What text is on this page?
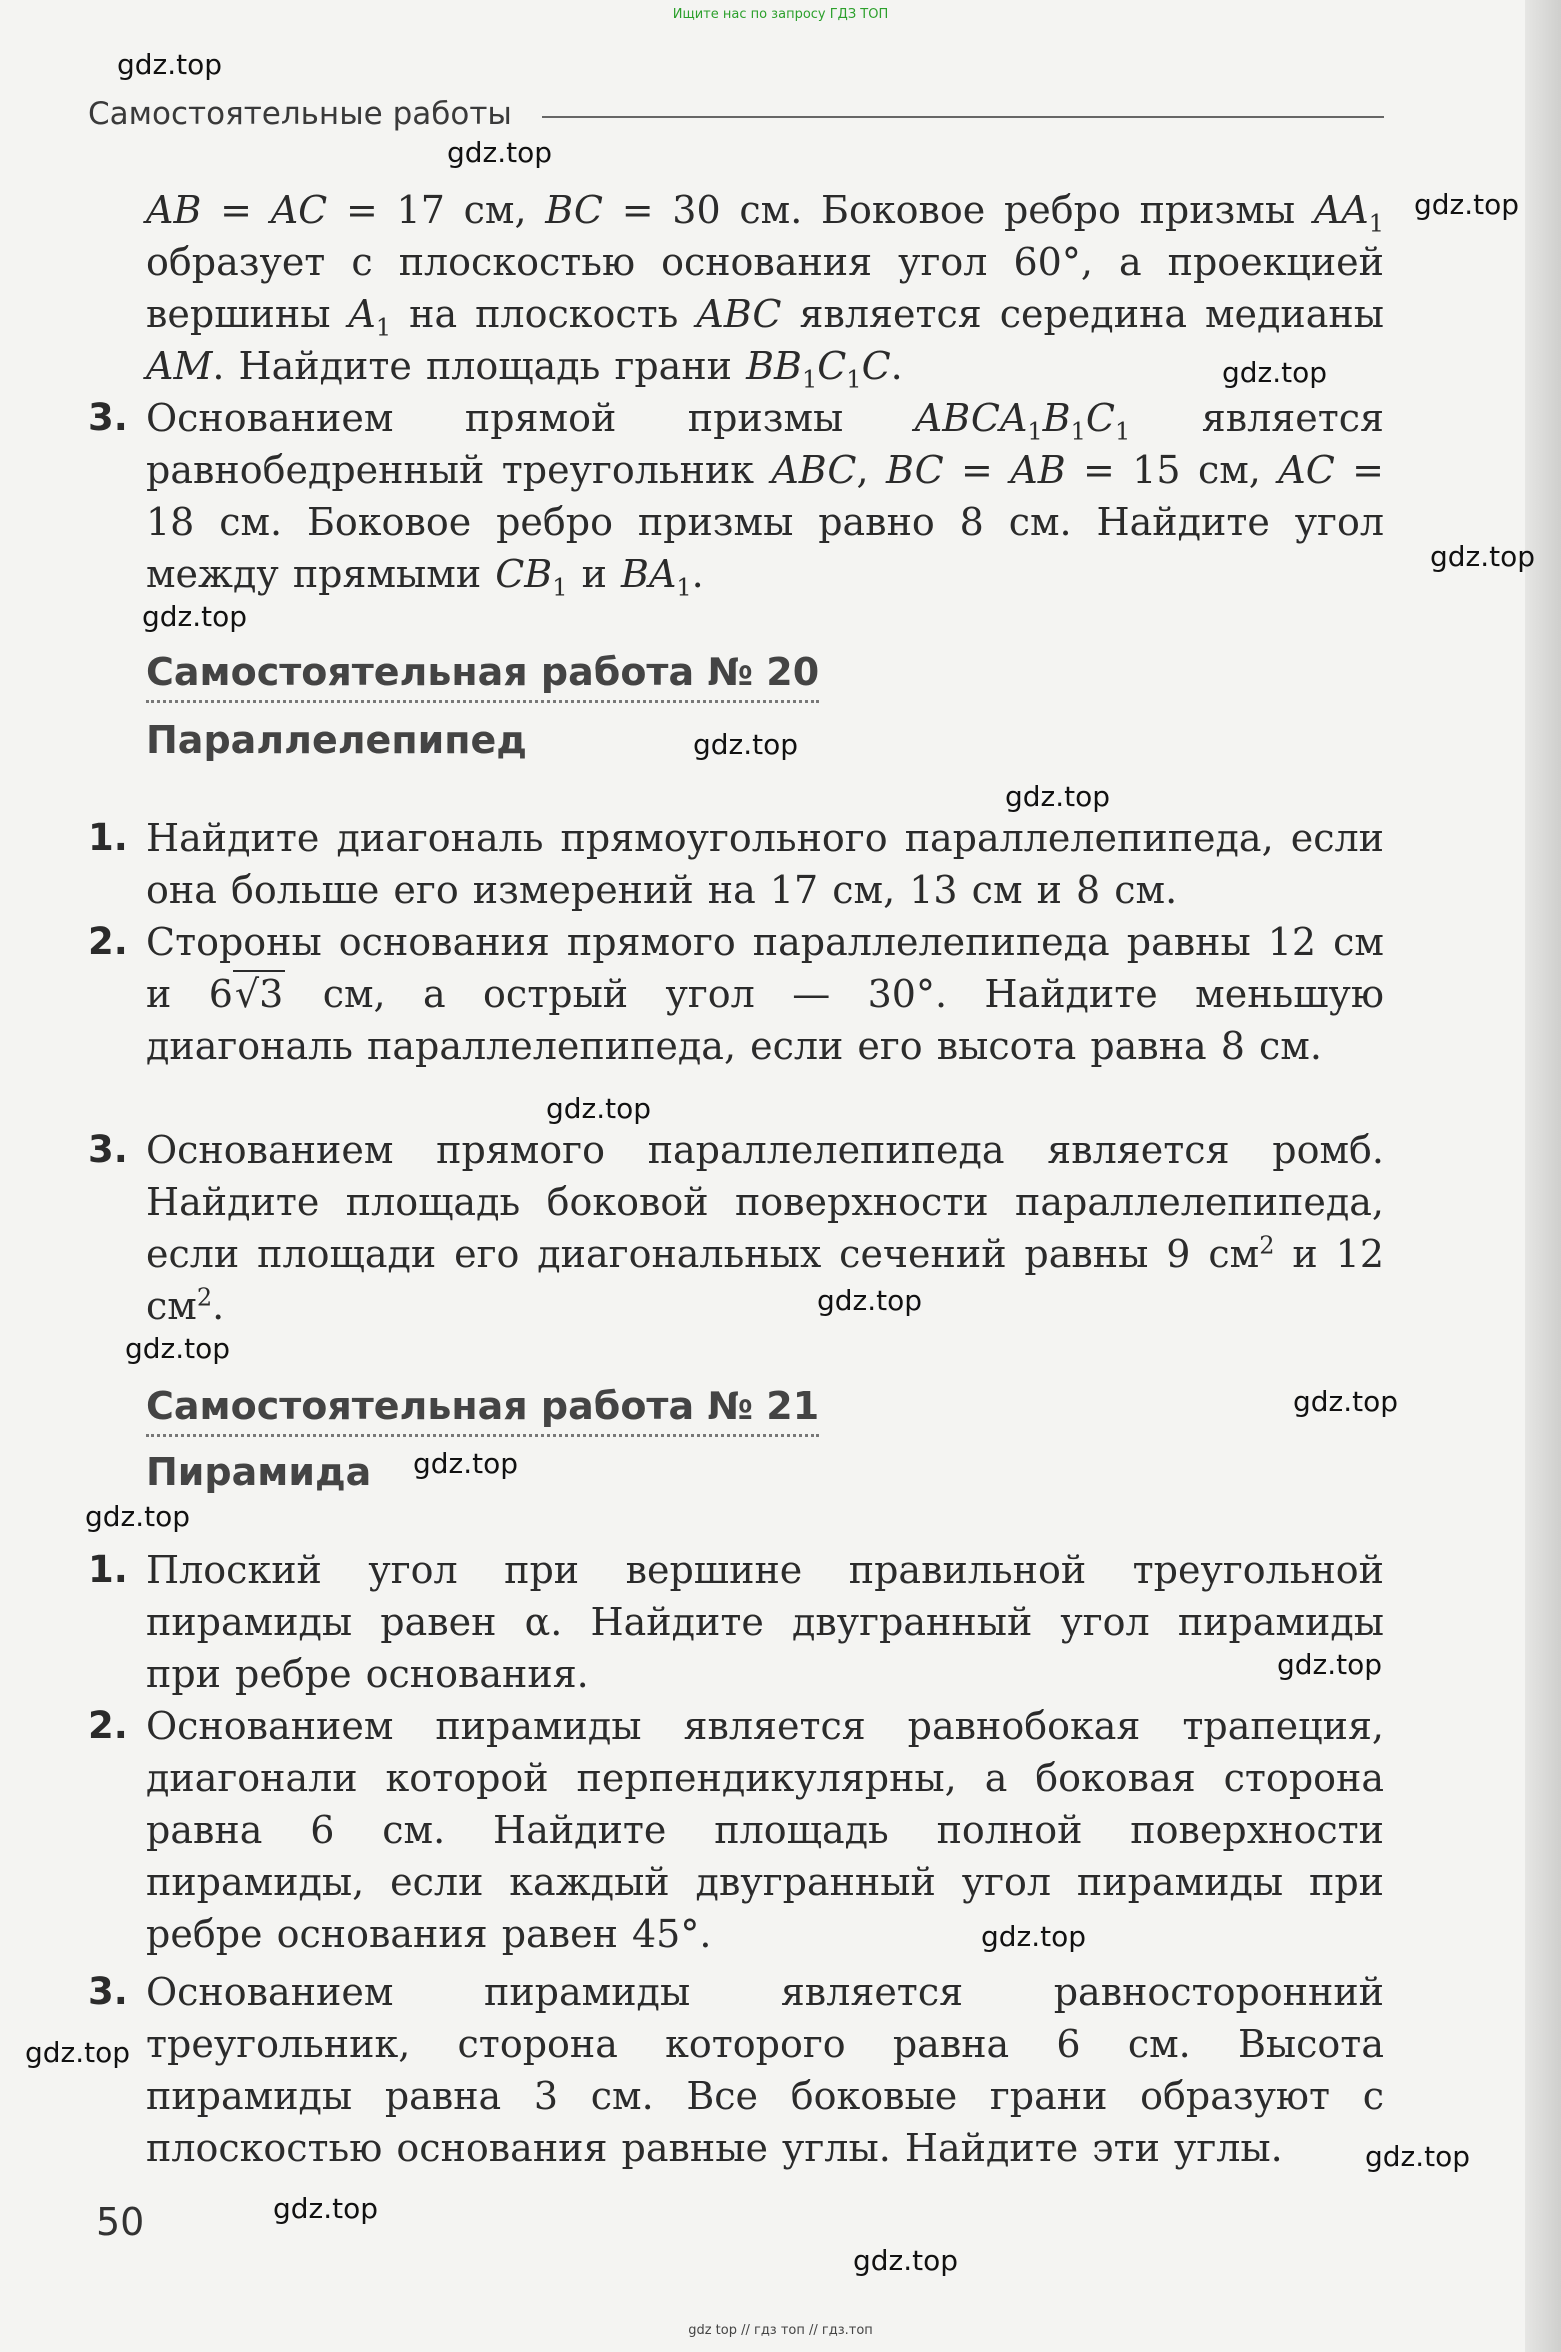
Ищите нас по запросу ГДЗ ТОП
Самостоятельные работы
AB = AC = 17 см, BC = 30 см. Боковое ребро призмы $AA_1$ образует с плоскостью основания угол 60°, а проекцией вершины $A_1$ на плоскость ABC является середина медианы AM. Найдите площадь грани $BB_1C_1C$.
3. Основанием прямой призмы $ABCA_1B_1C_1$ является равнобедренный треугольник ABC, BC = AB = 15 см, AC = 18 см. Боковое ребро призмы равно 8 см. Найдите угол между прямыми $CB_1$ и $BA_1$.
Самостоятельная работа № 20
Параллелепипед
1. Найдите диагональ прямоугольного параллелепипеда, если она больше его измерений на 17 см, 13 см и 8 см.
2. Стороны основания прямого параллелепипеда равны 12 см и 6√3 см, а острый угол — 30°. Найдите меньшую диагональ параллелепипеда, если его высота равна 8 см.
3. Основанием прямого параллелепипеда является ромб. Найдите площадь боковой поверхности параллелепипеда, если площади его диагональных сечений равны 9 $см^2$ и 12 $см^2$.
Самостоятельная работа № 21
Пирамида
1. Плоский угол при вершине правильной треугольной пирамиды равен α. Найдите двугранный угол пирамиды при ребре основания.
2. Основанием пирамиды является равнобокая трапеция, диагонали которой перпендикулярны, а боковая сторона равна 6 см. Найдите площадь полной поверхности пирамиды, если каждый двугранный угол пирамиды при ребре основания равен 45°.
3. Основанием пирамиды является равносторонний треугольник, сторона которого равна 6 см. Высота пирамиды равна 3 см. Все боковые грани образуют с плоскостью основания равные углы. Найдите эти углы.
50
gdz.top
gdz.top
gdz.top
gdz.top
gdz.top
gdz.top
gdz.top
gdz.top
gdz.top
gdz.top
gdz.top
gdz.top
gdz.top
gdz.top
gdz.top
gdz.top
gdz.top
gdz.top
gdz.top
gdz.top
gdz top // гдз топ // гдз.топ
